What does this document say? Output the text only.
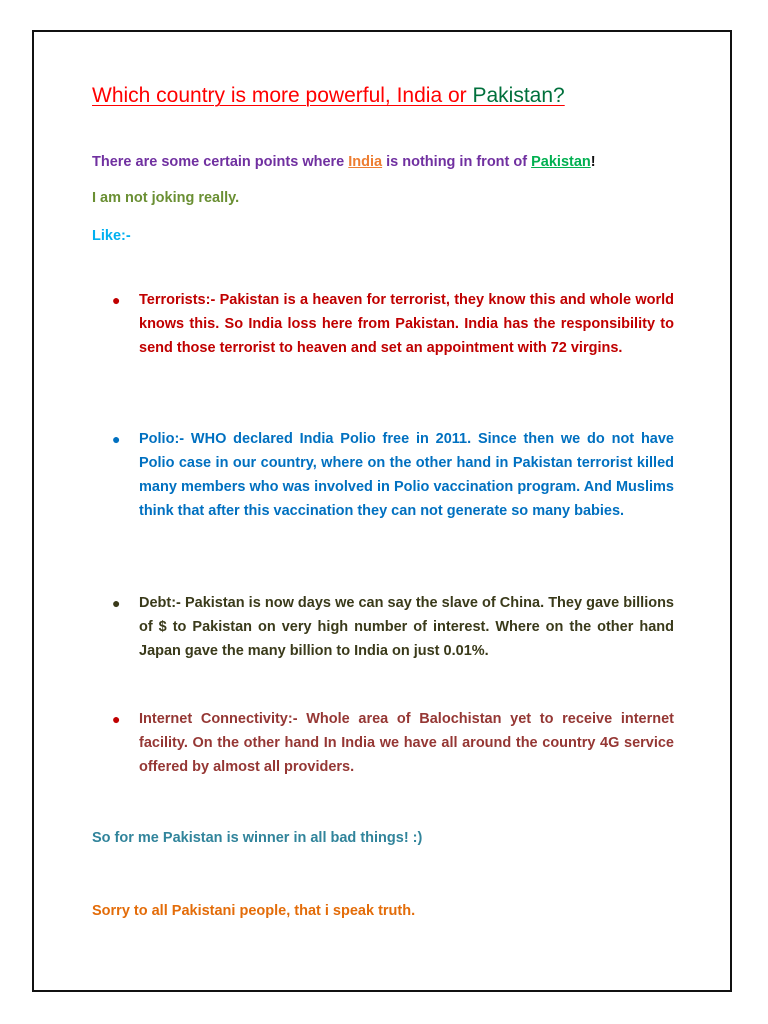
Which country is more powerful, India or Pakistan?

There are some certain points where India is nothing in front of Pakistan!

I am not joking really.

Like:-

● Terrorists:- Pakistan is a heaven for terrorist, they know this and whole world knows this. So India loss here from Pakistan. India has the responsibility to send those terrorist to heaven and set an appointment with 72 virgins.
● Polio:- WHO declared India Polio free in 2011. Since then we do not have Polio case in our country, where on the other hand in Pakistan terrorist killed many members who was involved in Polio vaccination program. And Muslims think that after this vaccination they can not generate so many babies.
● Debt:- Pakistan is now days we can say the slave of China. They gave billions of $ to Pakistan on very high number of interest. Where on the other hand Japan gave the many billion to India on just 0.01%.
● Internet Connectivity:- Whole area of Balochistan yet to receive internet facility. On the other hand In India we have all around the country 4G service offered by almost all providers.

So for me Pakistan is winner in all bad things! :)

Sorry to all Pakistani people, that i speak truth.
